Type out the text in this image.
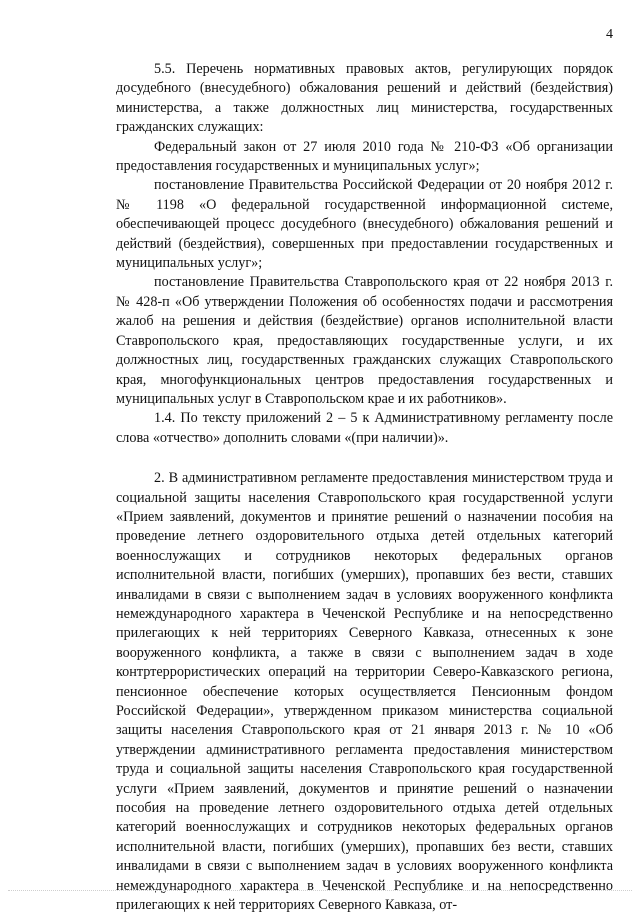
4

5.5. Перечень нормативных правовых актов, регулирующих порядок досудебного (внесудебного) обжалования решений и действий (бездействия) министерства, а также должностных лиц министерства, государственных гражданских служащих:

Федеральный закон от 27 июля 2010 года № 210-ФЗ «Об организации предоставления государственных и муниципальных услуг»;

постановление Правительства Российской Федерации от 20 ноября 2012 г. № 1198 «О федеральной государственной информационной системе, обеспечивающей процесс досудебного (внесудебного) обжалования решений и действий (бездействия), совершенных при предоставлении государственных и муниципальных услуг»;

постановление Правительства Ставропольского края от 22 ноября 2013 г. № 428-п «Об утверждении Положения об особенностях подачи и рассмотрения жалоб на решения и действия (бездействие) органов исполнительной власти Ставропольского края, предоставляющих государственные услуги, и их должностных лиц, государственных гражданских служащих Ставропольского края, многофункциональных центров предоставления государственных и муниципальных услуг в Ставропольском крае и их работников».

1.4. По тексту приложений 2 – 5 к Административному регламенту после слова «отчество» дополнить словами «(при наличии)».

2. В административном регламенте предоставления министерством труда и социальной защиты населения Ставропольского края государственной услуги «Прием заявлений, документов и принятие решений о назначении пособия на проведение летнего оздоровительного отдыха детей отдельных категорий военнослужащих и сотрудников некоторых федеральных органов исполнительной власти, погибших (умерших), пропавших без вести, ставших инвалидами в связи с выполнением задач в условиях вооруженного конфликта немеждународного характера в Чеченской Республике и на непосредственно прилегающих к ней территориях Северного Кавказа, отнесенных к зоне вооруженного конфликта, а также в связи с выполнением задач в ходе контртеррористических операций на территории Северо-Кавказского региона, пенсионное обеспечение которых осуществляется Пенсионным фондом Российской Федерации», утвержденном приказом министерства социальной защиты населения Ставропольского края от 21 января 2013 г. № 10 «Об утверждении административного регламента предоставления министерством труда и социальной защиты населения Ставропольского края государственной услуги «Прием заявлений, документов и принятие решений о назначении пособия на проведение летнего оздоровительного отдыха детей отдельных категорий военнослужащих и сотрудников некоторых федеральных органов исполнительной власти, погибших (умерших), пропавших без вести, ставших инвалидами в связи с выполнением задач в условиях вооруженного конфликта немеждународного характера в Чеченской Республике и на непосредственно прилегающих к ней территориях Северного Кавказа, от-
